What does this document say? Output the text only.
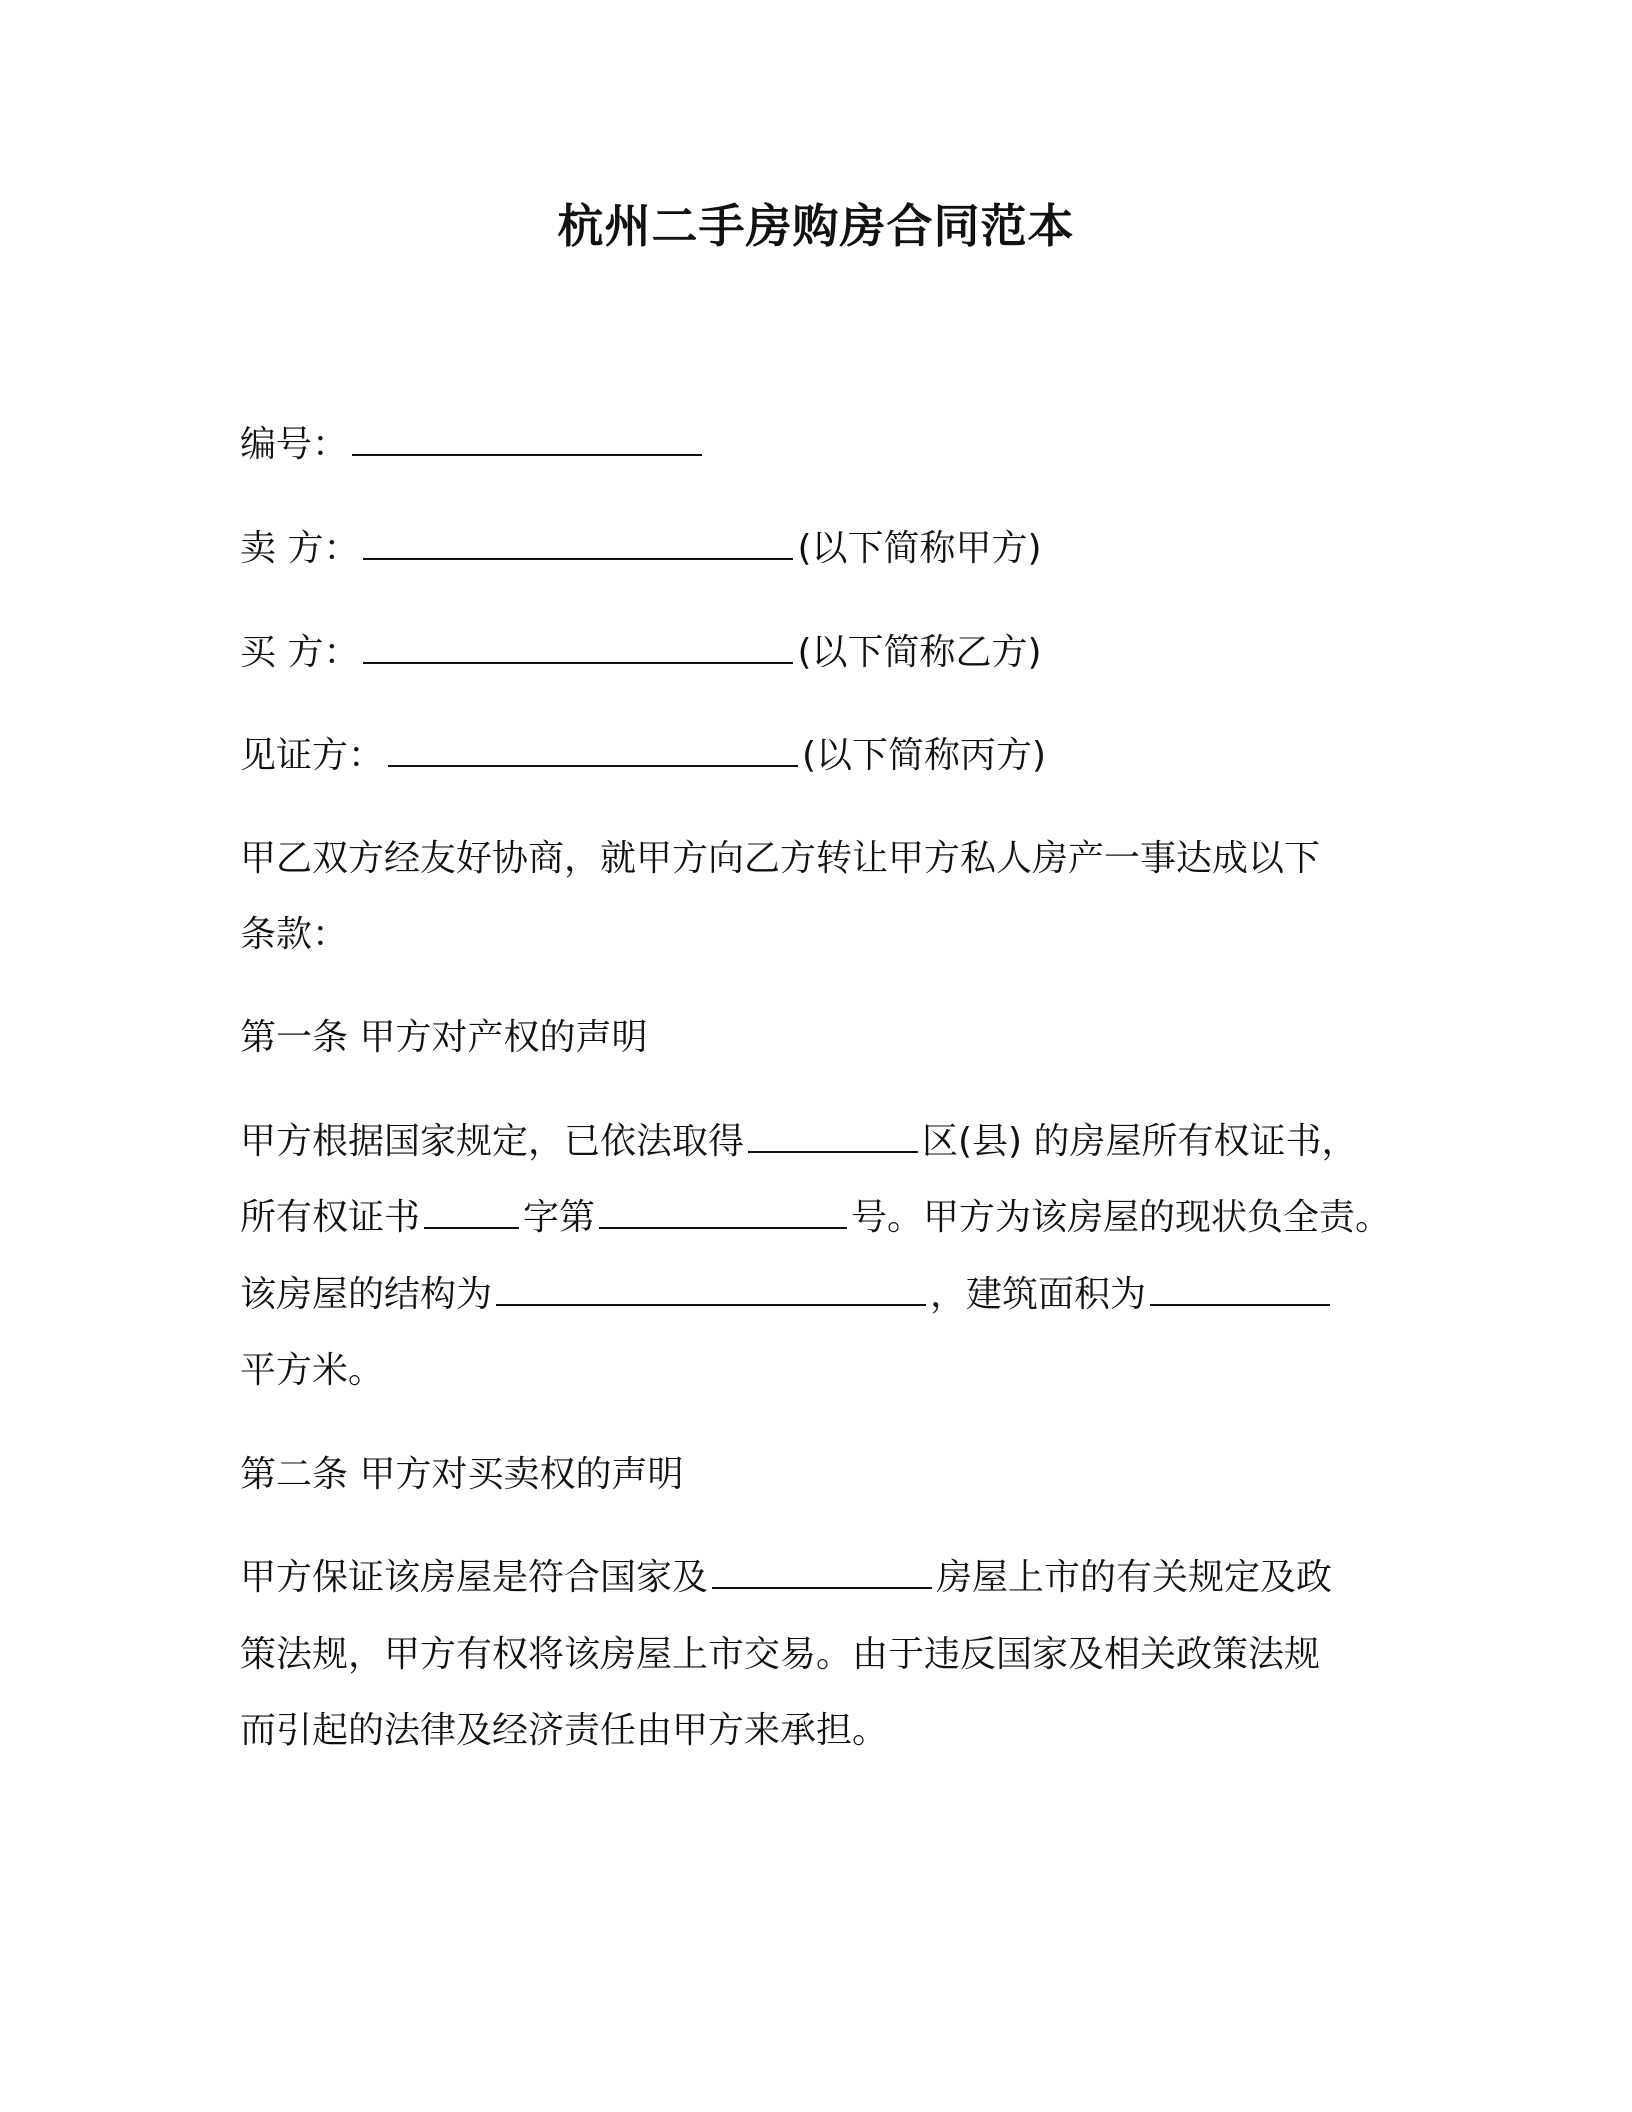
杭州二手房购房合同范本
编号：
卖 方：	(以下简称甲方)
买 方：	(以下简称乙方)
见证方：	(以下简称丙方)
甲乙双方经友好协商，就甲方向乙方转让甲方私人房产一事达成以下
条款：
第一条 甲方对产权的声明
甲方根据国家规定，已依法取得	区(县) 的房屋所有权证书，
所有权证书	字第	号。甲方为该房屋的现状负全责。
该房屋的结构为	，建筑面积为
平方米。
第二条 甲方对买卖权的声明
甲方保证该房屋是符合国家及	房屋上市的有关规定及政
策法规，甲方有权将该房屋上市交易。由于违反国家及相关政策法规
而引起的法律及经济责任由甲方来承担。
